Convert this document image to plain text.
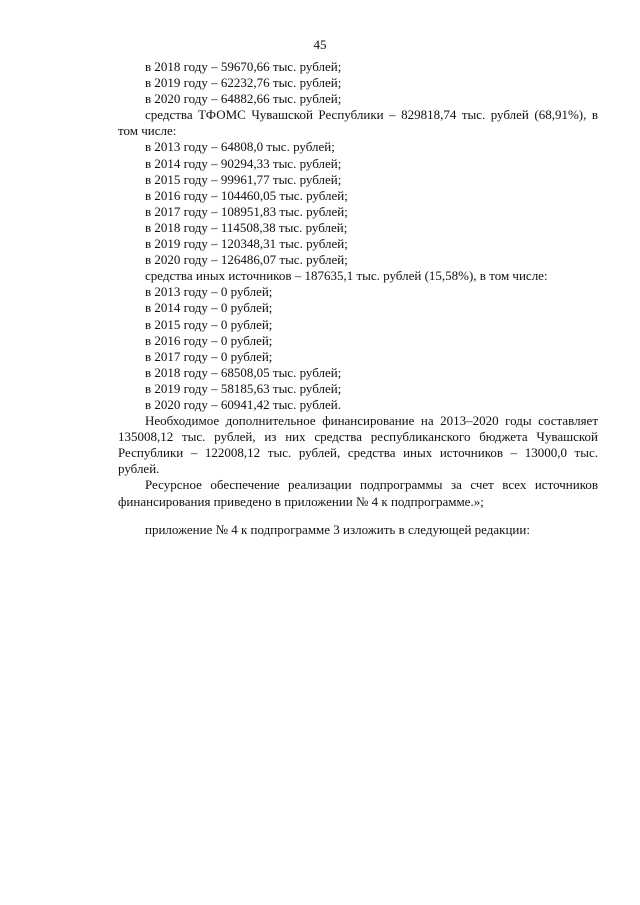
45
в 2018 году – 59670,66 тыс. рублей;
в 2019 году – 62232,76 тыс. рублей;
в 2020 году – 64882,66 тыс. рублей;
средства ТФОМС Чувашской Республики – 829818,74 тыс. рублей (68,91%), в том числе:
в 2013 году – 64808,0 тыс. рублей;
в 2014 году – 90294,33 тыс. рублей;
в 2015 году – 99961,77 тыс. рублей;
в 2016 году – 104460,05 тыс. рублей;
в 2017 году – 108951,83 тыс. рублей;
в 2018 году – 114508,38 тыс. рублей;
в 2019 году – 120348,31 тыс. рублей;
в 2020 году – 126486,07 тыс. рублей;
средства иных источников – 187635,1 тыс. рублей (15,58%), в том числе:
в 2013 году – 0 рублей;
в 2014 году – 0 рублей;
в 2015 году – 0 рублей;
в 2016 году – 0 рублей;
в 2017 году – 0 рублей;
в 2018 году – 68508,05 тыс. рублей;
в 2019 году – 58185,63 тыс. рублей;
в 2020 году – 60941,42 тыс. рублей.
Необходимое дополнительное финансирование на 2013–2020 годы составляет 135008,12 тыс. рублей, из них средства республиканского бюджета Чувашской Республики – 122008,12 тыс. рублей, средства иных источников – 13000,0 тыс. рублей.
Ресурсное обеспечение реализации подпрограммы за счет всех источников финансирования приведено в приложении № 4 к подпрограмме.»;
приложение № 4 к подпрограмме 3 изложить в следующей редакции:
